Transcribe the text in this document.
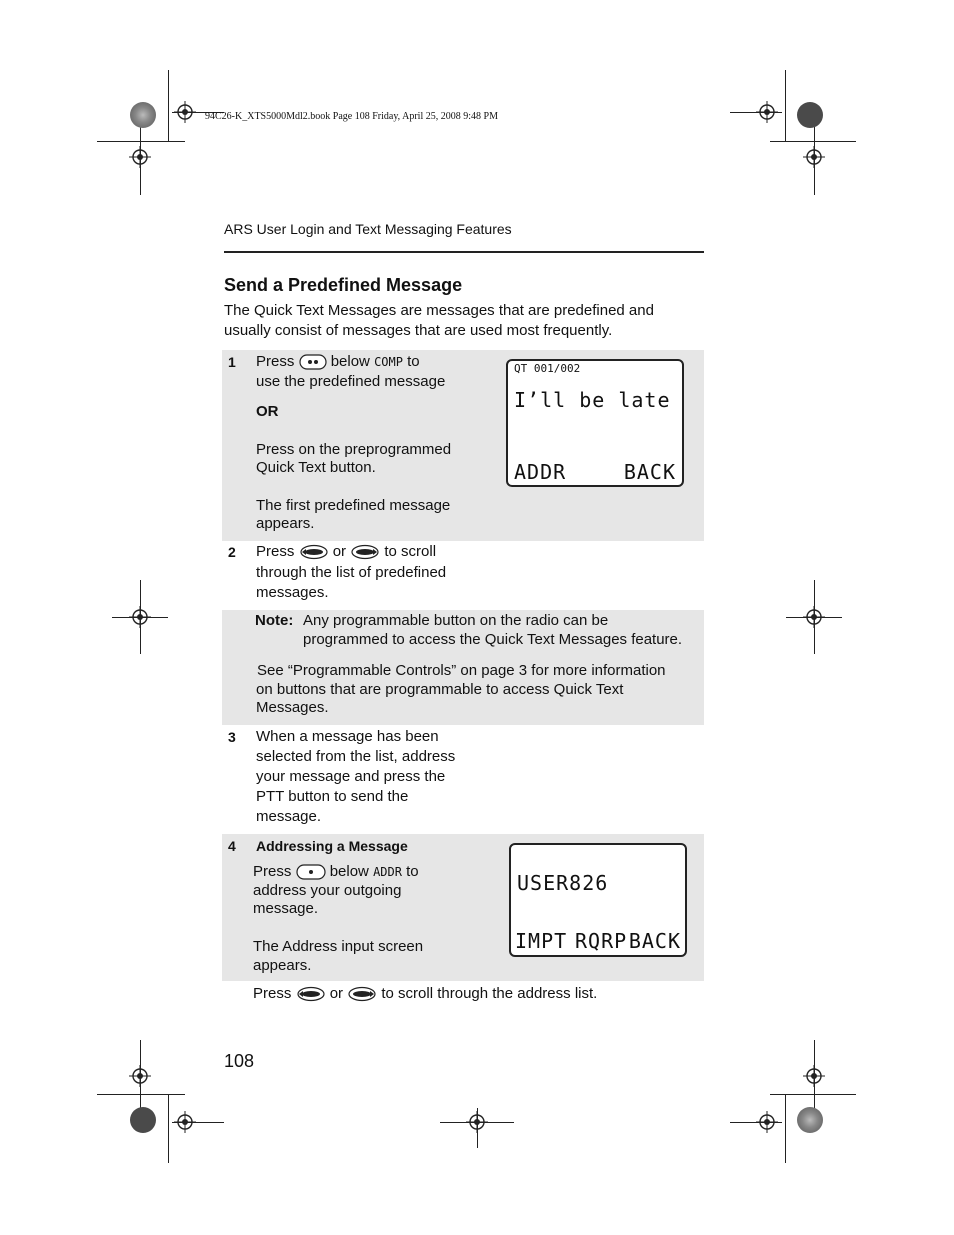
94C26-K_XTS5000Mdl2.book Page 108 Friday, April 25, 2008 9:48 PM
ARS User Login and Text Messaging Features
Send a Predefined Message
The Quick Text Messages are messages that are predefined and
usually consist of messages that are used most frequently.
1 Press below COMP to
use the predefined message
OR
Press on the preprogrammed
Quick Text button.
The first predefined message
appears.
QT 001/002
I’ll be late
ADDR	BACK
2 Press	or	to scroll
through the list of predefined
messages.
Note: Any programmable button on the radio can be
programmed to access the Quick Text Messages feature.
See “Programmable Controls” on page 3 for more information
on buttons that are programmable to access Quick Text
Messages.
3 When a message has been
selected from the list, address
your message and press the
PTT button to send the
message.
4 Addressing a Message
Press	below ADDR to
address your outgoing
message.
The Address input screen
appears.
USER826
IMPT RQRP BACK
Press	or	to scroll through the address list.
108
